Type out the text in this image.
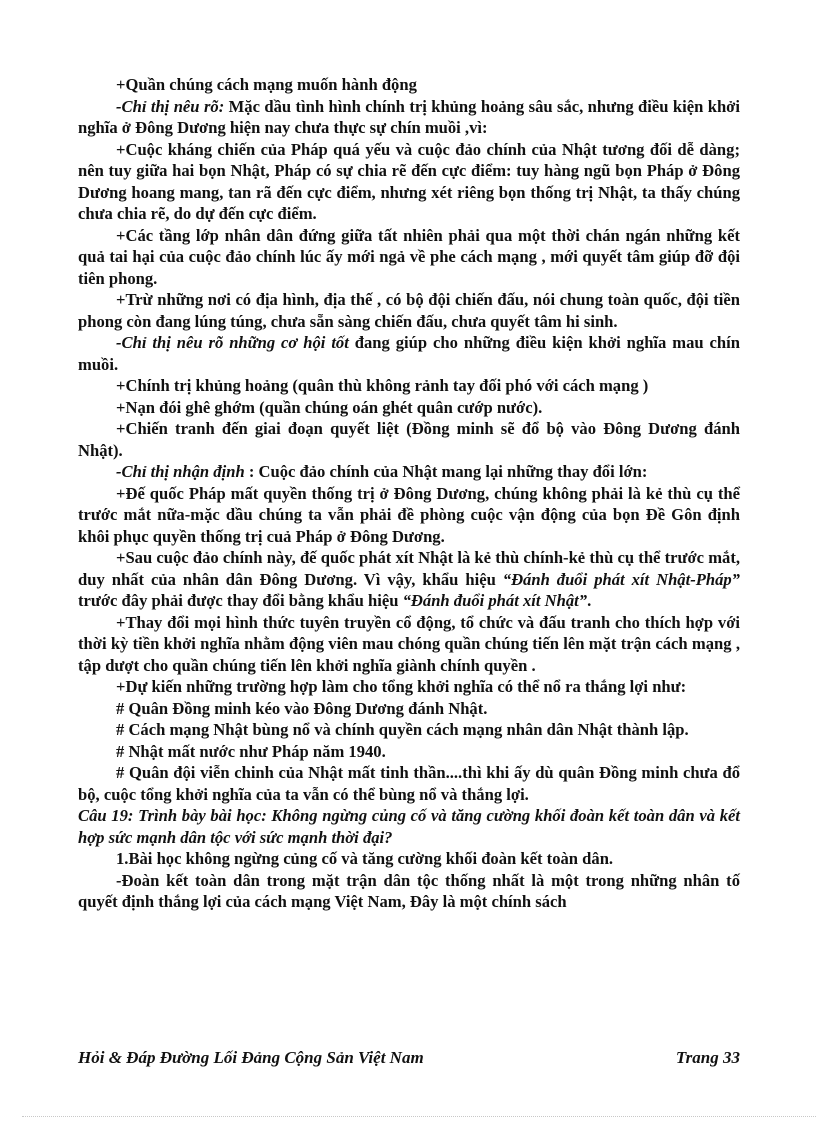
+Quần chúng cách mạng muốn hành động

-Chỉ thị nêu rõ: Mặc dầu tình hình chính trị khủng hoảng sâu sắc, nhưng điều kiện khởi nghĩa ở Đông Dương hiện nay chưa thực sự chín muồi ,vì:

+Cuộc kháng chiến của Pháp quá yếu và cuộc đảo chính của Nhật tương đối dễ dàng; nên tuy giữa hai bọn Nhật, Pháp có sự chia rẽ đến cực điểm: tuy hàng ngũ bọn Pháp ở Đông Dương hoang mang, tan rã đến cực điểm, nhưng xét riêng bọn thống trị Nhật, ta thấy chúng chưa chia rẽ, do dự đến cực điểm.

+Các tầng lớp nhân dân đứng giữa tất nhiên phải qua một thời chán ngán những kết quả tai hại của cuộc đảo chính lúc ấy mới ngả về phe cách mạng , mới quyết tâm giúp đỡ đội tiên phong.

+Trừ những nơi có địa hình, địa thế , có bộ đội chiến đấu, nói chung toàn quốc, đội tiền phong còn đang lúng túng, chưa sẵn sàng chiến đấu, chưa quyết tâm hi sinh.

-Chỉ thị nêu rõ những cơ hội tốt đang giúp cho những điều kiện khởi nghĩa mau chín muồi.

+Chính trị khủng hoảng (quân thù không rảnh tay đối phó với cách mạng )

+Nạn đói ghê ghớm (quần chúng oán ghét quân cướp nước).

+Chiến tranh đến giai đoạn quyết liệt (Đồng minh sẽ đổ bộ vào Đông Dương đánh Nhật).

-Chỉ thị nhận định : Cuộc đảo chính của Nhật mang lại những thay đổi lớn:

+Đế quốc Pháp mất quyền thống trị ở Đông Dương, chúng không phải là kẻ thù cụ thể trước mắt nữa-mặc dầu chúng ta vẫn phải đề phòng cuộc vận động của bọn Đề Gôn định khôi phục quyền thống trị cuả Pháp ở Đông Dương.

+Sau cuộc đảo chính này, đế quốc phát xít Nhật là kẻ thù chính-kẻ thù cụ thể trước mắt, duy nhất của nhân dân Đông Dương. Vì vậy, khẩu hiệu “Đánh đuổi phát xít Nhật-Pháp” trước đây phải được thay đổi bằng khẩu hiệu “Đánh đuổi phát xít Nhật”.

+Thay đổi mọi hình thức tuyên truyền cổ động, tổ chức và đấu tranh cho thích hợp với thời kỳ tiền khởi nghĩa nhằm động viên mau chóng quần chúng tiến lên mặt trận cách mạng , tập dượt cho quần chúng tiến lên khởi nghĩa giành chính quyền .

+Dự kiến những trường hợp làm cho tổng khởi nghĩa có thể nổ ra thắng lợi như:

# Quân Đồng minh kéo vào Đông Dương đánh Nhật.

# Cách mạng Nhật bùng nổ và chính quyền cách mạng nhân dân Nhật thành lập.

# Nhật mất nước như Pháp năm 1940.

# Quân đội viễn chinh của Nhật mất tinh thần....thì khi ấy dù quân Đồng minh chưa đổ bộ, cuộc tổng khởi nghĩa của ta vẫn có thể bùng nổ và thắng lợi.

Câu 19: Trình bày bài học: Không ngừng củng cố và tăng cường khối đoàn kết toàn dân và kết hợp sức mạnh dân tộc với sức mạnh thời đại?

1.Bài học không ngừng củng cố và tăng cường khối đoàn kết toàn dân.

-Đoàn kết toàn dân trong mặt trận dân tộc thống nhất là một trong những nhân tố quyết định thắng lợi của cách mạng Việt Nam, Đây là một chính sách

Hỏi & Đáp Đường Lối Đảng Cộng Sản Việt Nam	Trang 33
